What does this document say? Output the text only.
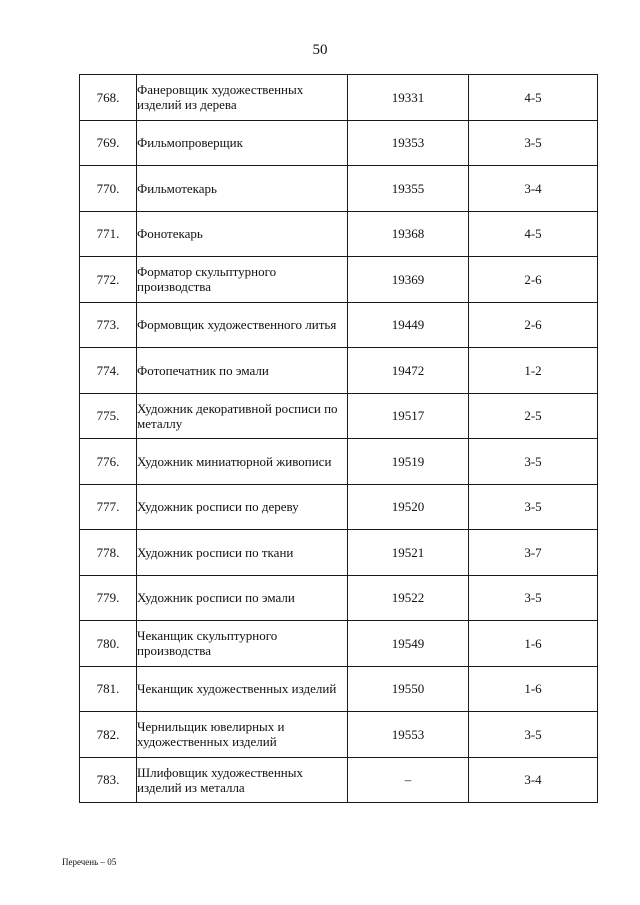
50
768.	Фанеровщик художественных изделий из дерева	19331	4-5
769.	Фильмопроверщик	19353	3-5
770.	Фильмотекарь	19355	3-4
771.	Фонотекарь	19368	4-5
772.	Форматор скульптурного производства	19369	2-6
773.	Формовщик художественного литья	19449	2-6
774.	Фотопечатник по эмали	19472	1-2
775.	Художник декоративной росписи по металлу	19517	2-5
776.	Художник миниатюрной живописи	19519	3-5
777.	Художник росписи по дереву	19520	3-5
778.	Художник росписи по ткани	19521	3-7
779.	Художник росписи по эмали	19522	3-5
780.	Чеканщик скульптурного производства	19549	1-6
781.	Чеканщик художественных изделий	19550	1-6
782.	Чернильщик ювелирных и художественных изделий	19553	3-5
783.	Шлифовщик художественных изделий из металла	–	3-4
Перечень – 05
